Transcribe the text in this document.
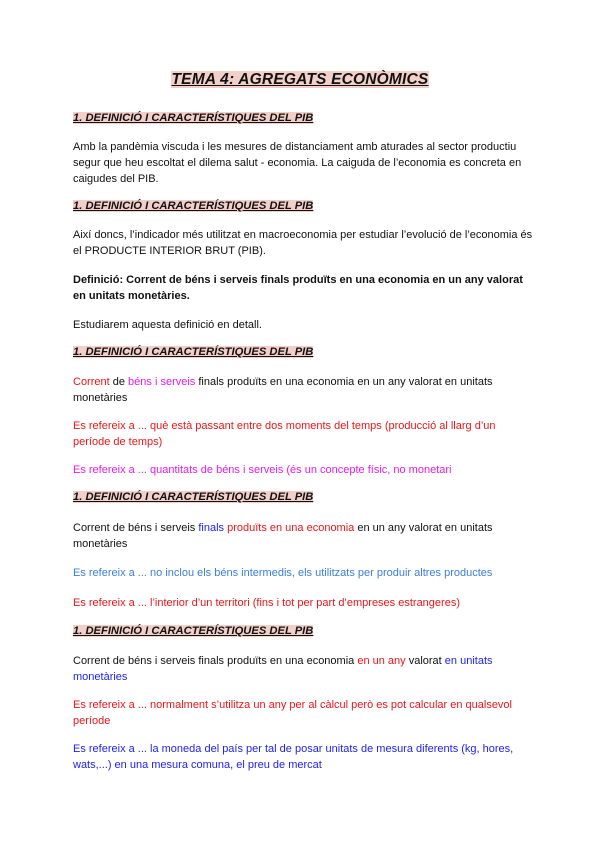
TEMA 4: AGREGATS ECONÒMICS
1. DEFINICIÓ I CARACTERÍSTIQUES DEL PIB
Amb la pandèmia viscuda i les mesures de distanciament amb aturades al sector productiu segur que heu escoltat el dilema salut - economia. La caiguda de l’economia es concreta en caigudes del PIB.
1. DEFINICIÓ I CARACTERÍSTIQUES DEL PIB
Així doncs, l’indicador més utilitzat en macroeconomia per estudiar l’evolució de l’economia és el PRODUCTE INTERIOR BRUT (PIB).
Definició: Corrent de béns i serveis finals produïts en una economia en un any valorat en unitats monetàries.
Estudiarem aquesta definició en detall.
1. DEFINICIÓ I CARACTERÍSTIQUES DEL PIB
Corrent de béns i serveis finals produïts en una economia en un any valorat en unitats monetàries
Es refereix a ... què està passant entre dos moments del temps (producció al llarg d’un període de temps)
Es refereix a ... quantitats de béns i serveis (és un concepte físic, no monetari
1. DEFINICIÓ I CARACTERÍSTIQUES DEL PIB
Corrent de béns i serveis finals produïts en una economia en un any valorat en unitats monetàries
Es refereix a ... no inclou els béns intermedis, els utilitzats per produir altres productes
Es refereix a ... l’interior d’un territori (fins i tot per part d’empreses estrangeres)
1. DEFINICIÓ I CARACTERÍSTIQUES DEL PIB
Corrent de béns i serveis finals produïts en una economia en un any valorat en unitats monetàries
Es refereix a ... normalment s’utilitza un any per al càlcul però es pot calcular en qualsevol període
Es refereix a ... la moneda del país per tal de posar unitats de mesura diferents (kg, hores, wats,...) en una mesura comuna, el preu de mercat
